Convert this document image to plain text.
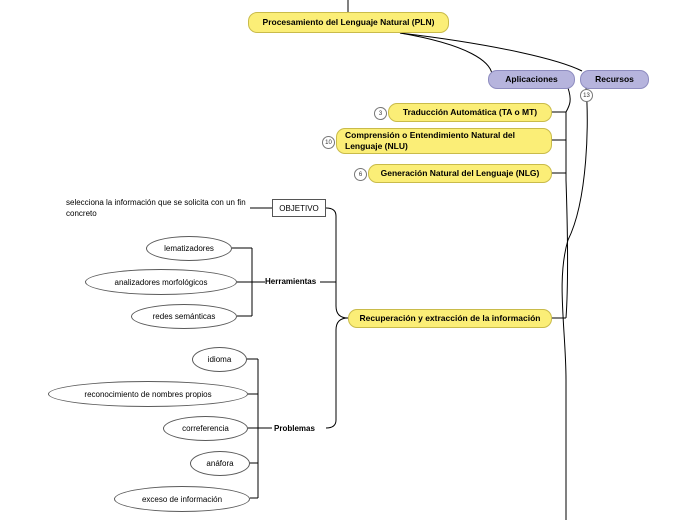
Procesamiento del Lenguaje Natural (PLN)
Aplicaciones	Recursos
13
Traducción Automática (TA o MT)
3
Comprensión o Entendimiento Natural del Lenguaje (NLU)
10
Generación Natural del Lenguaje (NLG)
6
Recuperación y extracción de la información
OBJETIVO
selecciona la información que se solicita con un fin concreto
Herramientas
lematizadores
analizadores morfológicos
redes semánticas
Problemas
idioma
reconocimiento de nombres propios
correferencia
anáfora
exceso de información
